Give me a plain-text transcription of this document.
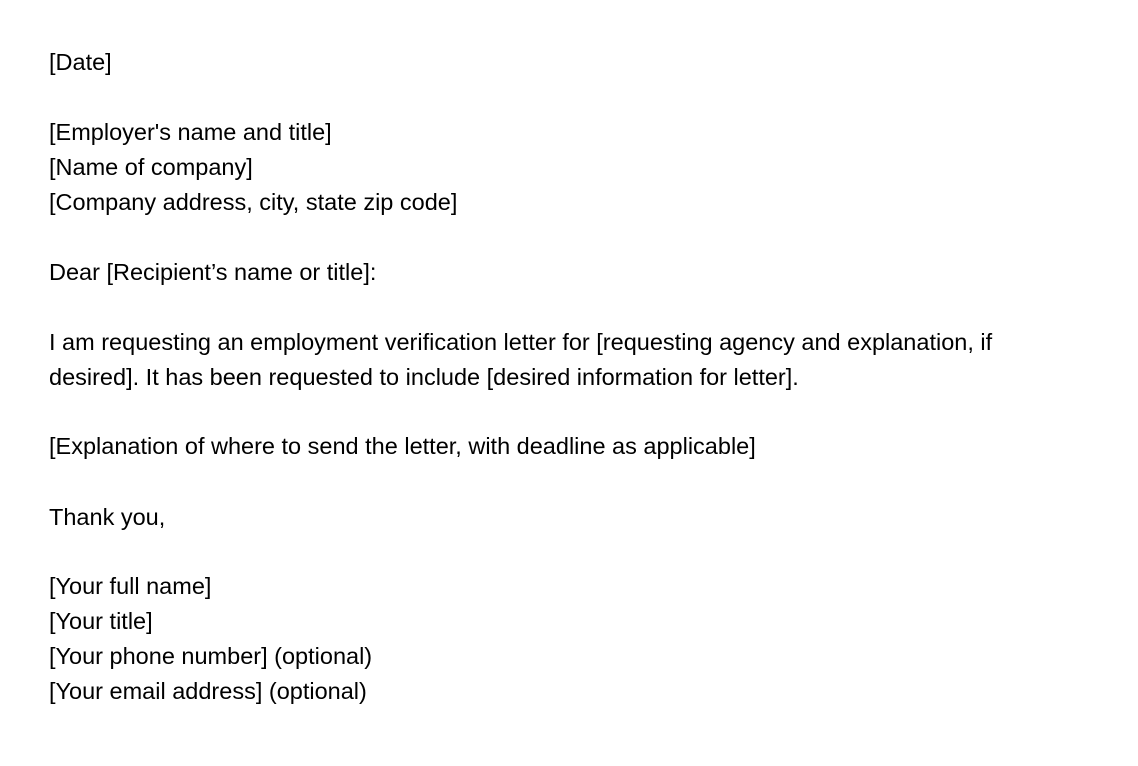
[Date]
[Employer's name and title]
[Name of company]
[Company address, city, state zip code]
Dear [Recipient’s name or title]:
I am requesting an employment verification letter for [requesting agency and explanation, if
desired]. It has been requested to include [desired information for letter].
[Explanation of where to send the letter, with deadline as applicable]
Thank you,
[Your full name]
[Your title]
[Your phone number] (optional)
[Your email address] (optional)
